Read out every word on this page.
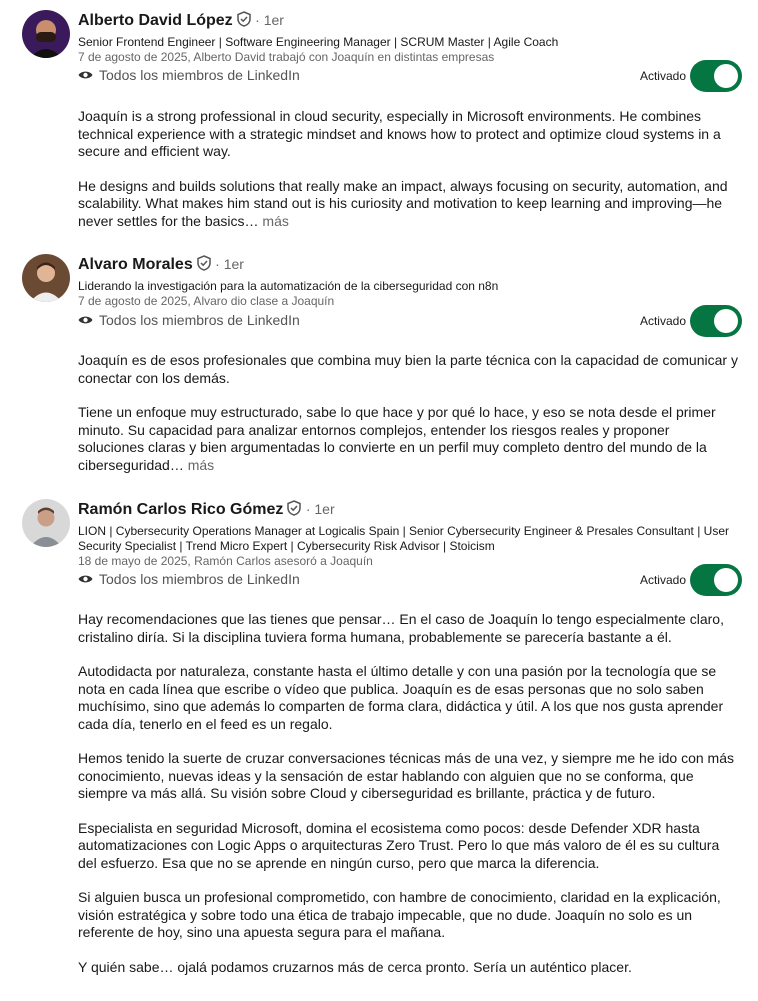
Alberto David López · 1er
Senior Frontend Engineer | Software Engineering Manager | SCRUM Master | Agile Coach
7 de agosto de 2025, Alberto David trabajó con Joaquín en distintas empresas
Todos los miembros de LinkedIn	Activado

Joaquín is a strong professional in cloud security, especially in Microsoft environments. He combines technical experience with a strategic mindset and knows how to protect and optimize cloud systems in a secure and efficient way.

He designs and builds solutions that really make an impact, always focusing on security, automation, and scalability. What makes him stand out is his curiosity and motivation to keep learning and improving—he never settles for the basics… más

Alvaro Morales · 1er
Liderando la investigación para la automatización de la ciberseguridad con n8n
7 de agosto de 2025, Alvaro dio clase a Joaquín
Todos los miembros de LinkedIn	Activado

Joaquín es de esos profesionales que combina muy bien la parte técnica con la capacidad de comunicar y conectar con los demás.

Tiene un enfoque muy estructurado, sabe lo que hace y por qué lo hace, y eso se nota desde el primer minuto. Su capacidad para analizar entornos complejos, entender los riesgos reales y proponer soluciones claras y bien argumentadas lo convierte en un perfil muy completo dentro del mundo de la ciberseguridad… más

Ramón Carlos Rico Gómez · 1er
LION | Cybersecurity Operations Manager at Logicalis Spain | Senior Cybersecurity Engineer & Presales Consultant | User Security Specialist | Trend Micro Expert | Cybersecurity Risk Advisor | Stoicism
18 de mayo de 2025, Ramón Carlos asesoró a Joaquín
Todos los miembros de LinkedIn	Activado

Hay recomendaciones que las tienes que pensar… En el caso de Joaquín lo tengo especialmente claro, cristalino diría. Si la disciplina tuviera forma humana, probablemente se parecería bastante a él.

Autodidacta por naturaleza, constante hasta el último detalle y con una pasión por la tecnología que se nota en cada línea que escribe o vídeo que publica. Joaquín es de esas personas que no solo saben muchísimo, sino que además lo comparten de forma clara, didáctica y útil. A los que nos gusta aprender cada día, tenerlo en el feed es un regalo.

Hemos tenido la suerte de cruzar conversaciones técnicas más de una vez, y siempre me he ido con más conocimiento, nuevas ideas y la sensación de estar hablando con alguien que no se conforma, que siempre va más allá. Su visión sobre Cloud y ciberseguridad es brillante, práctica y de futuro.

Especialista en seguridad Microsoft, domina el ecosistema como pocos: desde Defender XDR hasta automatizaciones con Logic Apps o arquitecturas Zero Trust. Pero lo que más valoro de él es su cultura del esfuerzo. Esa que no se aprende en ningún curso, pero que marca la diferencia.

Si alguien busca un profesional comprometido, con hambre de conocimiento, claridad en la explicación, visión estratégica y sobre todo una ética de trabajo impecable, que no dude. Joaquín no solo es un referente de hoy, sino una apuesta segura para el mañana.

Y quién sabe… ojalá podamos cruzarnos más de cerca pronto. Sería un auténtico placer.
